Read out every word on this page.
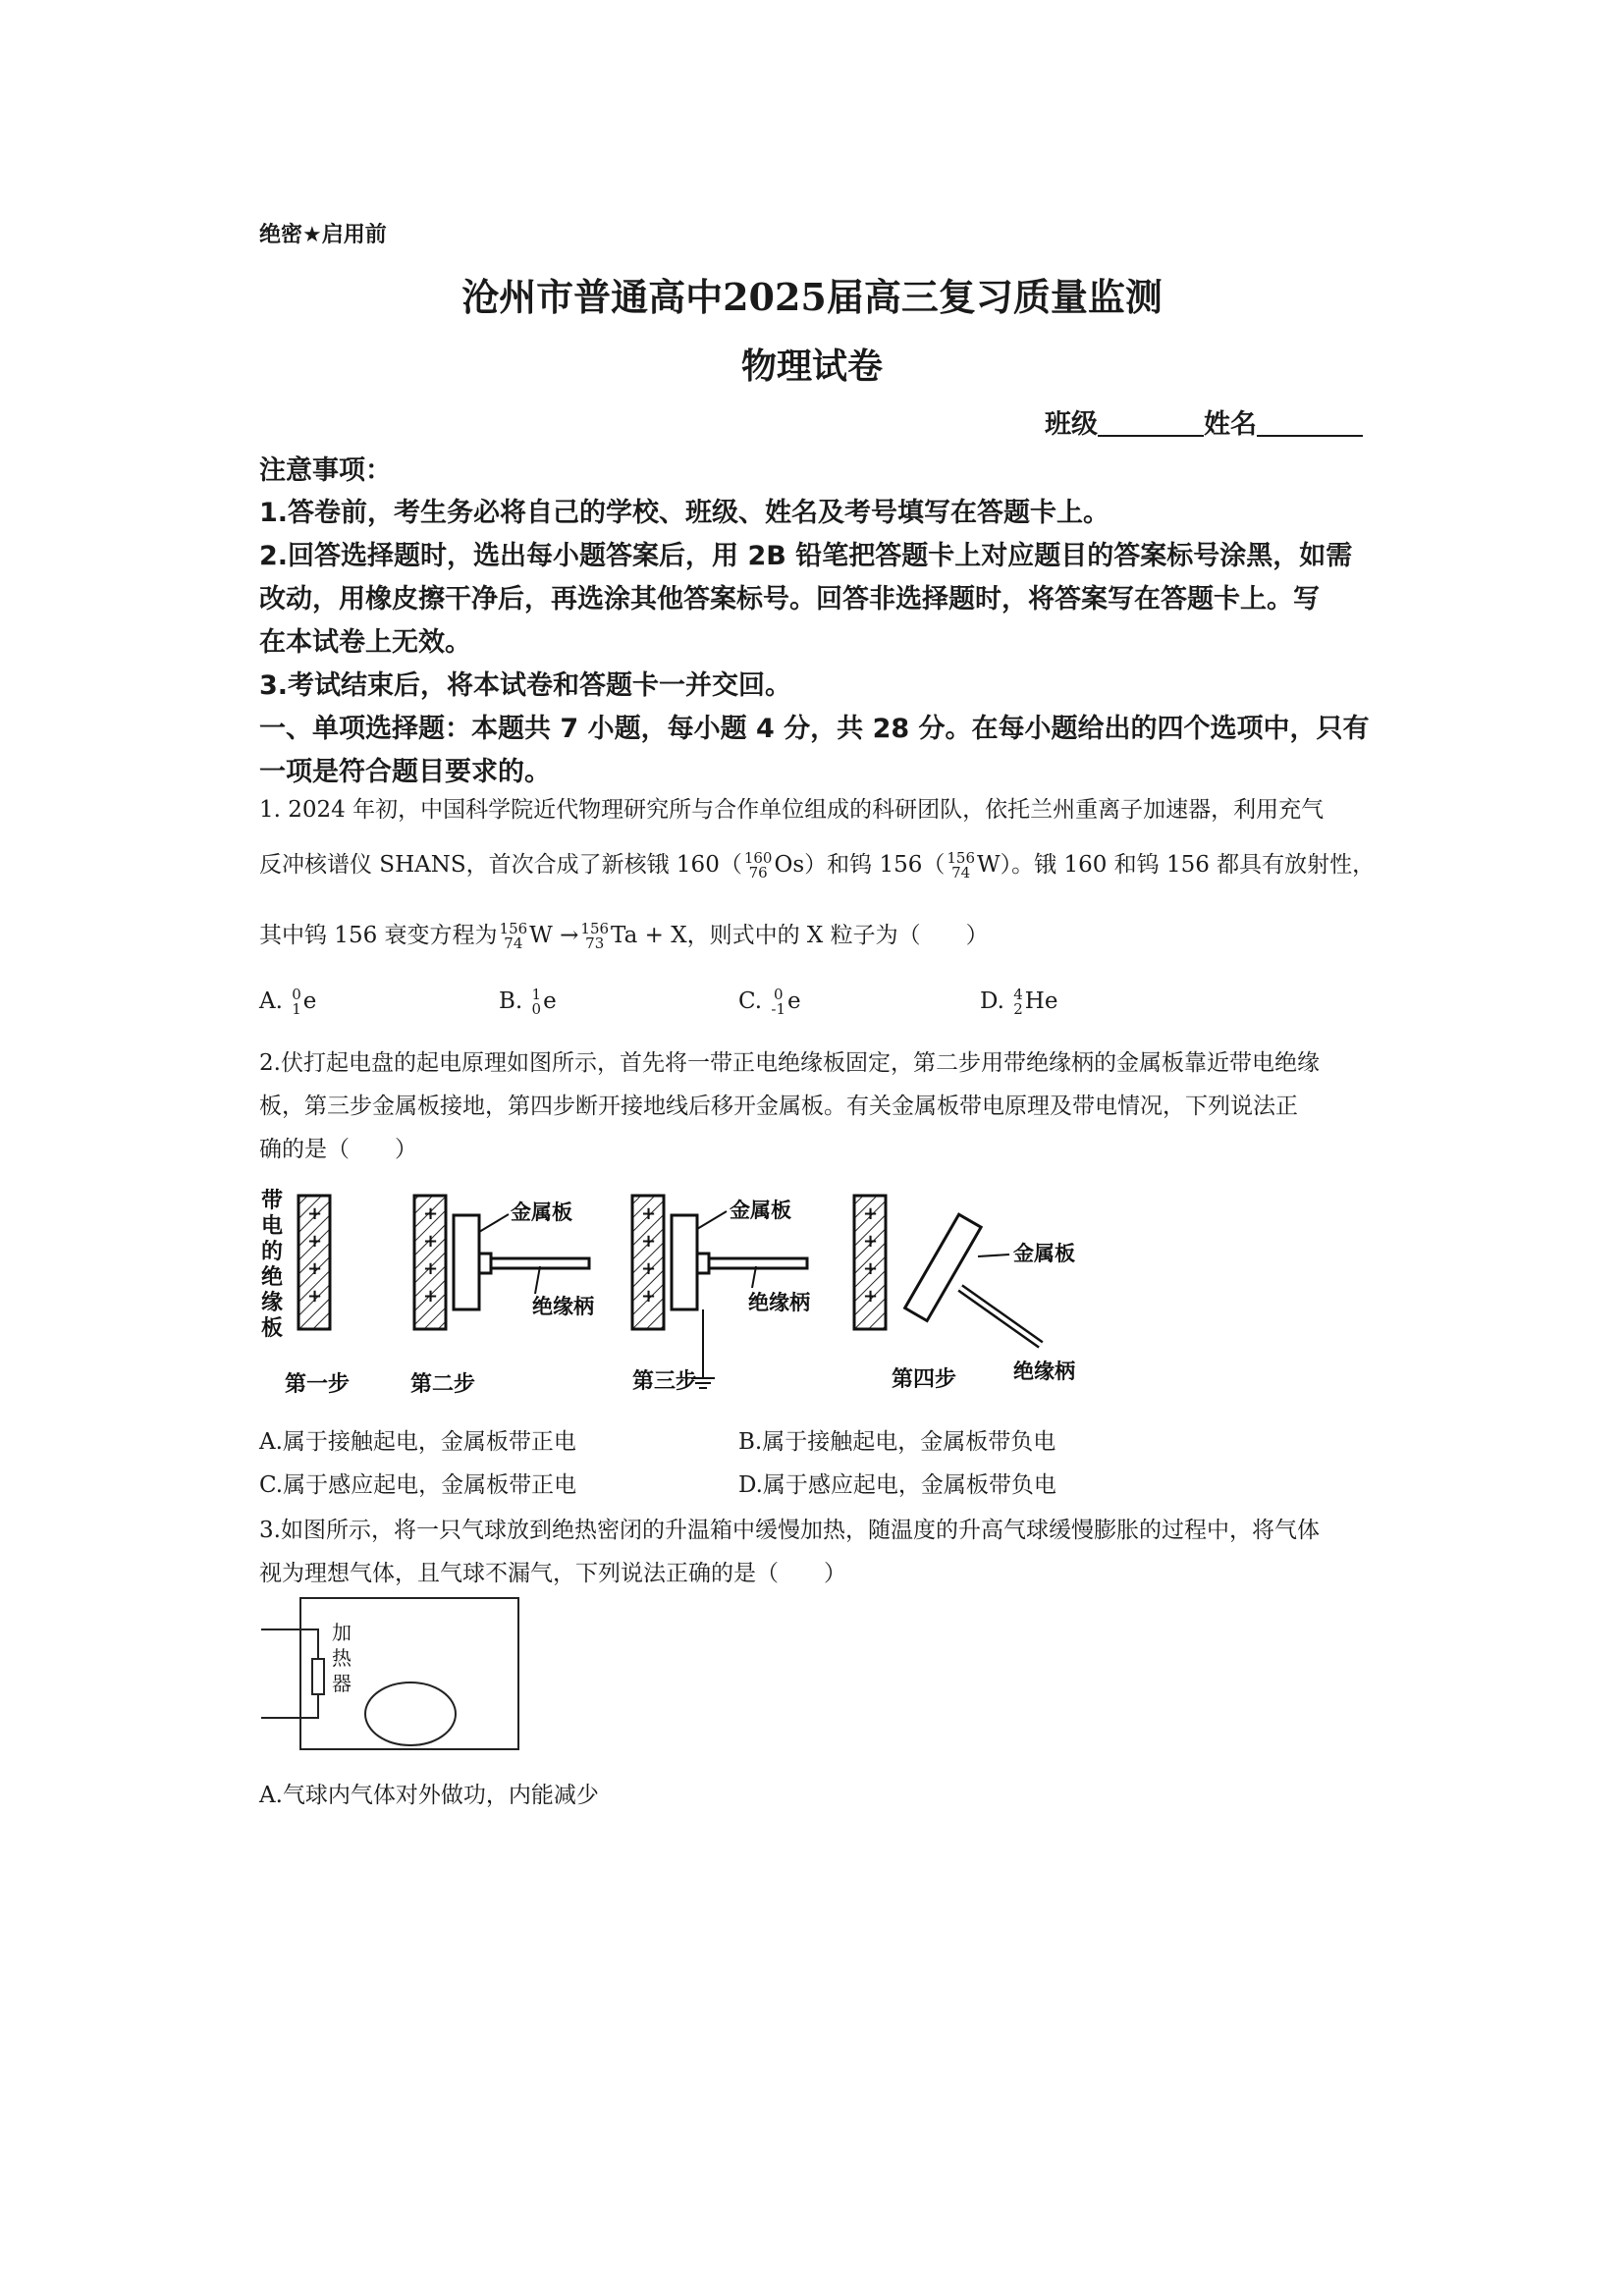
绝密★启用前
沧州市普通高中2025届高三复习质量监测
物理试卷
班级	姓名
注意事项：
1.答卷前，考生务必将自己的学校、班级、姓名及考号填写在答题卡上。
2.回答选择题时，选出每小题答案后，用 2B 铅笔把答题卡上对应题目的答案标号涂黑，如需
改动，用橡皮擦干净后，再选涂其他答案标号。回答非选择题时，将答案写在答题卡上。写
在本试卷上无效。
3.考试结束后，将本试卷和答题卡一并交回。
一、单项选择题：本题共 7 小题，每小题 4 分，共 28 分。在每小题给出的四个选项中，只有
一项是符合题目要求的。
1. 2024 年初，中国科学院近代物理研究所与合作单位组成的科研团队，依托兰州重离子加速器，利用充气
反冲核谱仪 SHANS，首次合成了新核锇 160（ 160
76 Os）和钨 156（ 156
74 W）。锇 160 和钨 156 都具有放射性，
其中钨 156 衰变方程为 156
74 W → 156
73 Ta + X，则式中的 X 粒子为（　　）
A. 0
1 e	B. 1
0 e	C. 0
-1 e	D. 4
2 He
2.伏打起电盘的起电原理如图所示，首先将一带正电绝缘板固定，第二步用带绝缘柄的金属板靠近带电绝缘
板，第三步金属板接地，第四步断开接地线后移开金属板。有关金属板带电原理及带电情况，下列说法正
确的是（　　）
带
电
的
绝
缘
板
+
+
+
+
+
+
+
+
金属板
绝缘柄
+
+
+
+
金属板
绝缘柄
+
+
+
+
金属板
绝缘柄
第一步	第二步	第三步	第四步
A.属于接触起电，金属板带正电	B.属于接触起电，金属板带负电
C.属于感应起电，金属板带正电	D.属于感应起电，金属板带负电
3.如图所示，将一只气球放到绝热密闭的升温箱中缓慢加热，随温度的升高气球缓慢膨胀的过程中，将气体
视为理想气体，且气球不漏气，下列说法正确的是（　　）
加
热
器
A.气球内气体对外做功，内能减少
